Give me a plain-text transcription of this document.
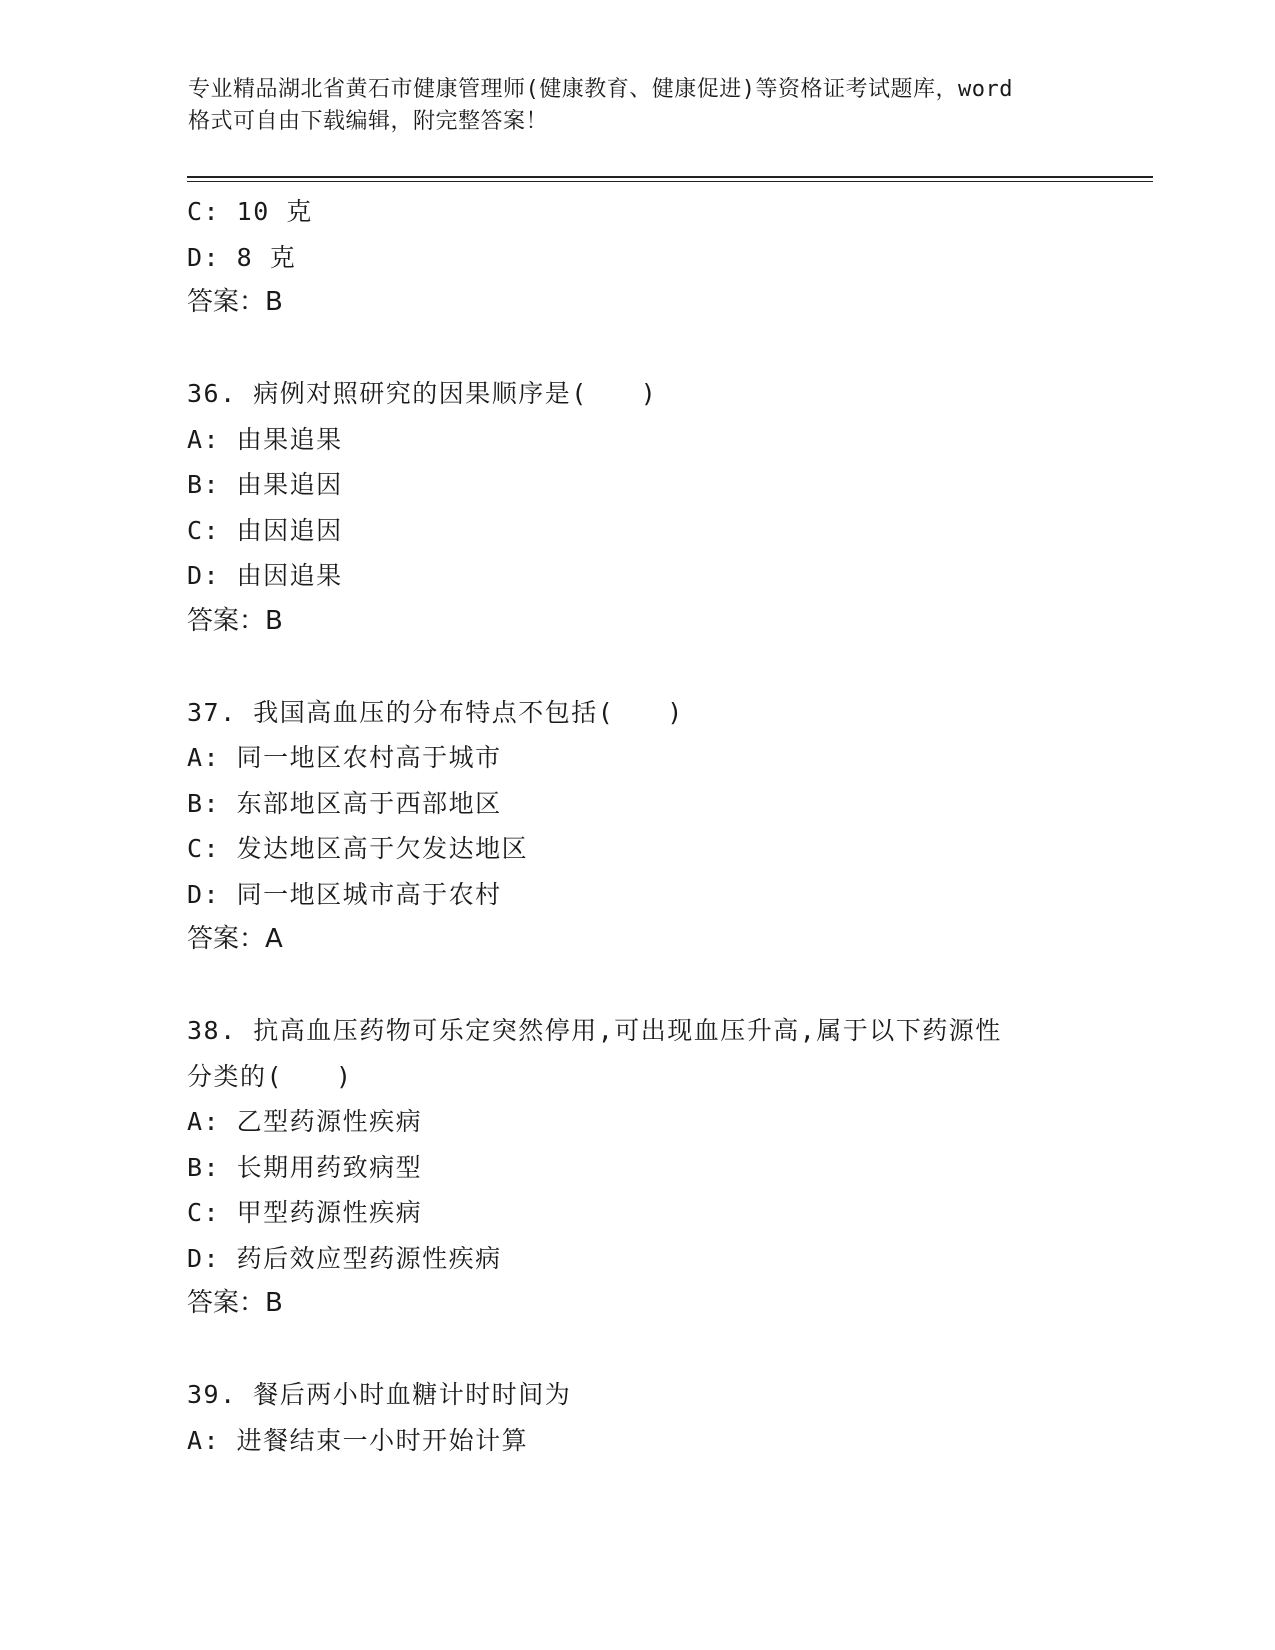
专业精品湖北省黄石市健康管理师(健康教育、健康促进)等资格证考试题库，word
格式可自由下载编辑，附完整答案！
C: 10 克
D: 8 克
答案：B
36. 病例对照研究的因果顺序是(　　)
A: 由果追果
B: 由果追因
C: 由因追因
D: 由因追果
答案：B
37. 我国高血压的分布特点不包括(　　)
A: 同一地区农村高于城市
B: 东部地区高于西部地区
C: 发达地区高于欠发达地区
D: 同一地区城市高于农村
答案：A
38. 抗高血压药物可乐定突然停用,可出现血压升高,属于以下药源性
分类的(　　)
A: 乙型药源性疾病
B: 长期用药致病型
C: 甲型药源性疾病
D: 药后效应型药源性疾病
答案：B
39. 餐后两小时血糖计时时间为
A: 进餐结束一小时开始计算
